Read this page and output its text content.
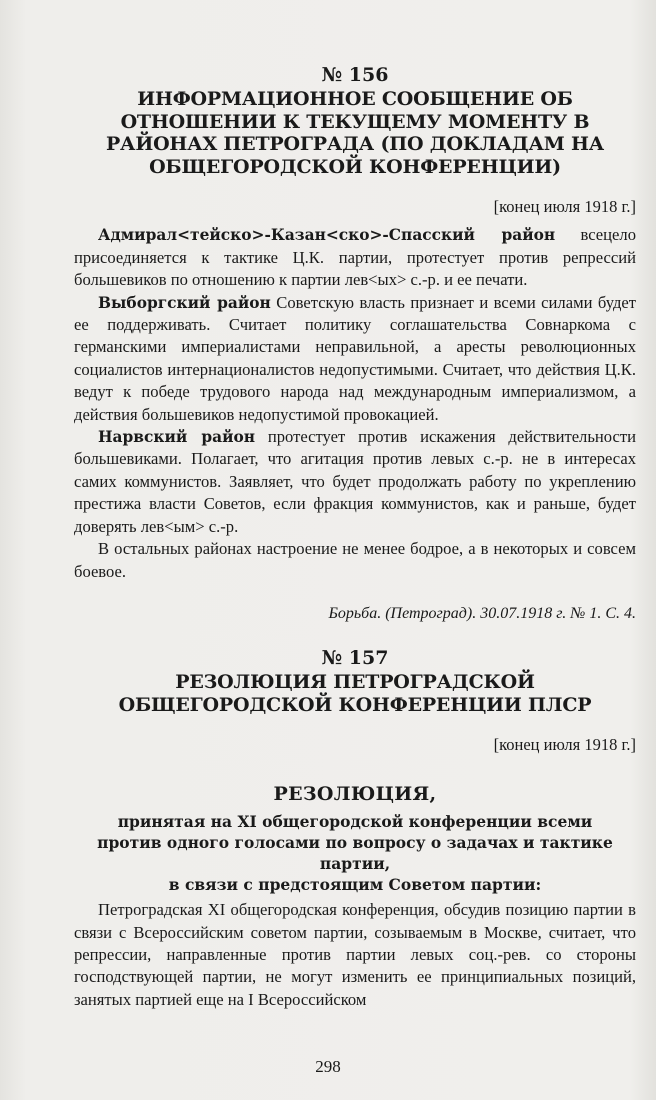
№ 156
ИНФОРМАЦИОННОЕ СООБЩЕНИЕ ОБ ОТНОШЕНИИ К ТЕКУЩЕМУ МОМЕНТУ В РАЙОНАХ ПЕТРОГРАДА (ПО ДОКЛАДАМ НА ОБЩЕГОРОДСКОЙ КОНФЕРЕНЦИИ)
[конец июля 1918 г.]

Адмирал<тейско>-Казан<ско>-Спасский район всецело присоединяется к тактике Ц.К. партии, протестует против репрессий большевиков по отношению к партии лев<ых> с.-р. и ее печати.

Выборгский район Советскую власть признает и всеми силами будет ее поддерживать. Считает политику соглашательства Совнаркома с германскими империалистами неправильной, а аресты революционных социалистов интернационалистов недопустимыми. Считает, что действия Ц.К. ведут к победе трудового народа над международным империализмом, а действия большевиков недопустимой провокацией.

Нарвский район протестует против искажения действительности большевиками. Полагает, что агитация против левых с.-р. не в интересах самих коммунистов. Заявляет, что будет продолжать работу по укреплению престижа власти Советов, если фракция коммунистов, как и раньше, будет доверять лев<ым> с.-р.

В остальных районах настроение не менее бодрое, а в некоторых и совсем боевое.

Борьба. (Петроград). 30.07.1918 г. № 1. С. 4.
№ 157
РЕЗОЛЮЦИЯ ПЕТРОГРАДСКОЙ ОБЩЕГОРОДСКОЙ КОНФЕРЕНЦИИ ПЛСР
[конец июля 1918 г.]
РЕЗОЛЮЦИЯ,
принятая на XI общегородской конференции всеми
против одного голосами по вопросу о задачах и тактике партии,
в связи с предстоящим Советом партии:

Петроградская XI общегородская конференция, обсудив позицию партии в связи с Всероссийским советом партии, созываемым в Москве, считает, что репрессии, направленные против партии левых соц.-рев. со стороны господствующей партии, не могут изменить ее принципиальных позиций, занятых партией еще на I Всероссийском

298
